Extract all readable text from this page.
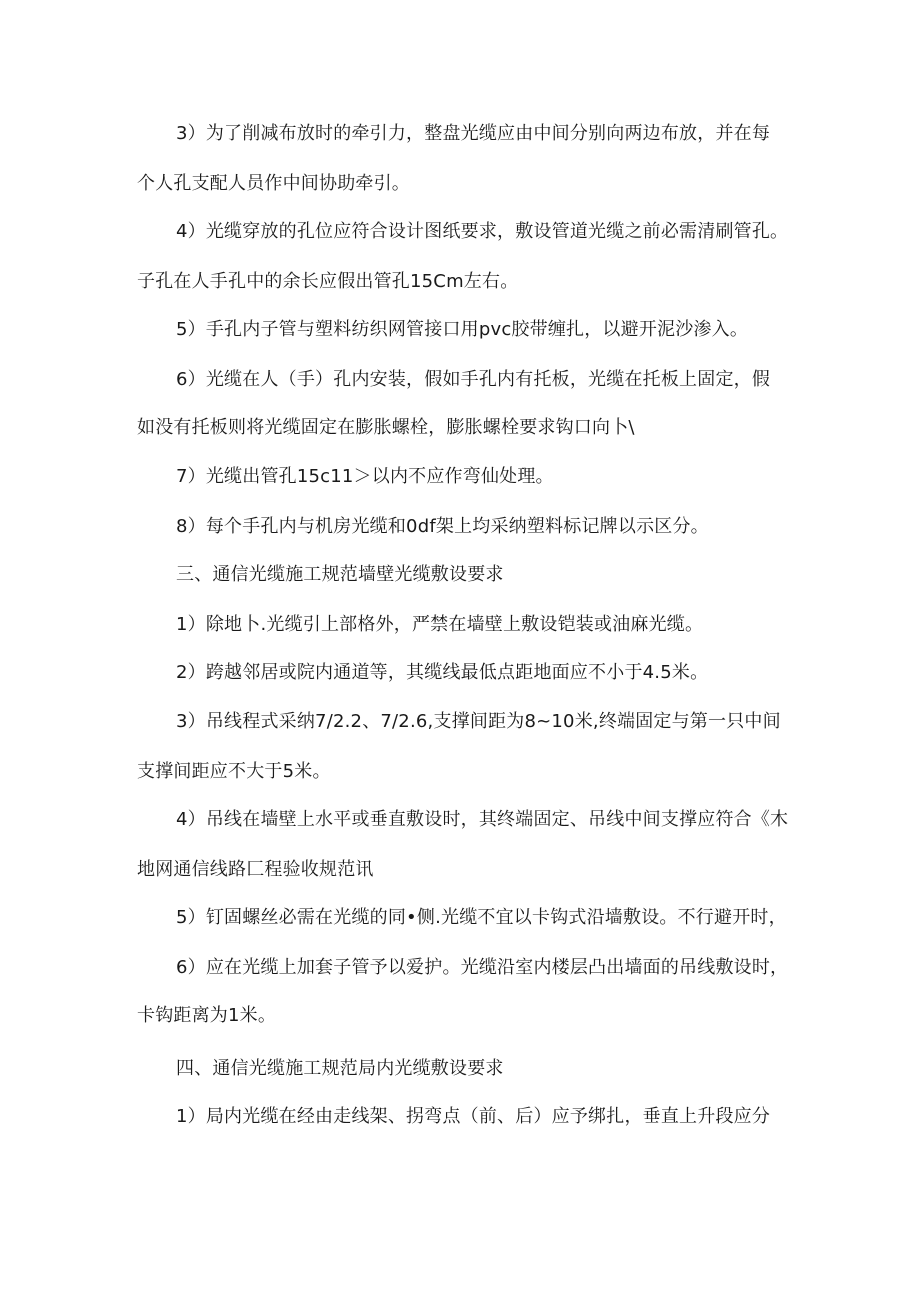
3）为了削减布放时的牵引力，整盘光缆应由中间分别向两边布放，并在每
个人孔支配人员作中间协助牵引。
4）光缆穿放的孔位应符合设计图纸要求，敷设管道光缆之前必需清刷管孔。
子孔在人手孔中的余长应假出管孔15Cm左右。
5）手孔内子管与塑料纺织网管接口用pvc胶带缠扎，以避开泥沙渗入。
6）光缆在人（手）孔内安装，假如手孔内有托板，光缆在托板上固定，假
如没有托板则将光缆固定在膨胀螺栓，膨胀螺栓要求钩口向卜\
7）光缆出管孔15c11＞以内不应作弯仙处理。
8）每个手孔内与机房光缆和0df架上均采纳塑料标记牌以示区分。
三、通信光缆施工规范墙壁光缆敷设要求
1）除地卜.光缆引上部格外，严禁在墙壁上敷设铠装或油麻光缆。
2）跨越邻居或院内通道等，其缆线最低点距地面应不小于4.5米。
3）吊线程式采纳7/2.2、7/2.6,支撑间距为8~10米,终端固定与第一只中间
支撑间距应不大于5米。
4）吊线在墙壁上水平或垂直敷设时，其终端固定、吊线中间支撑应符合《木
地网通信线路匚程验收规范讯
5）钉固螺丝必需在光缆的同•侧.光缆不宜以卡钩式沿墙敷设。不行避开时，
6）应在光缆上加套子管予以爱护。光缆沿室内楼层凸出墙面的吊线敷设时，
卡钩距离为1米。
四、通信光缆施工规范局内光缆敷设要求
1）局内光缆在经由走线架、拐弯点（前、后）应予绑扎，垂直上升段应分
